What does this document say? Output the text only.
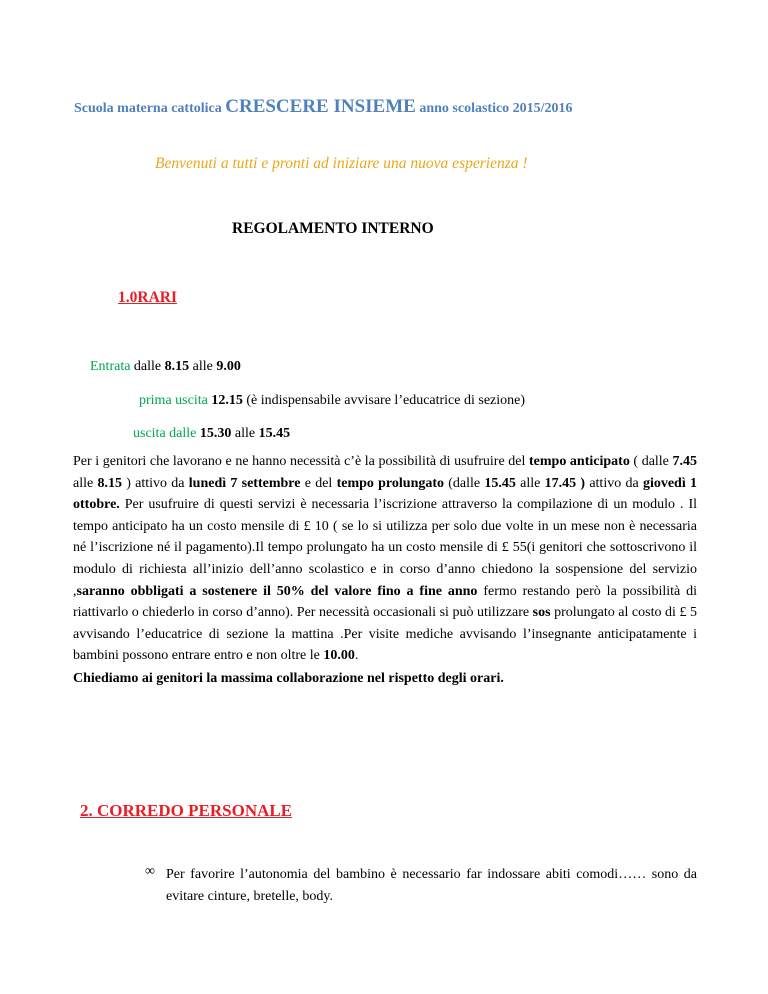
Scuola materna cattolica CRESCERE INSIEME anno scolastico 2015/2016
Benvenuti a tutti e pronti ad iniziare una nuova esperienza !
REGOLAMENTO INTERNO
1.0RARI
Entrata dalle 8.15 alle 9.00
prima uscita 12.15 (è indispensabile avvisare l’educatrice di sezione)
uscita dalle 15.30 alle 15.45
Per i genitori che lavorano e ne hanno necessità c’è la possibilità di usufruire del tempo anticipato ( dalle 7.45 alle 8.15 ) attivo da lunedì 7 settembre e del tempo prolungato (dalle 15.45 alle 17.45 ) attivo da giovedì 1 ottobre. Per usufruire di questi servizi è necessaria l’iscrizione attraverso la compilazione di un modulo . Il tempo anticipato ha un costo mensile di £ 10 ( se lo si utilizza per solo due volte in un mese non è necessaria né l’iscrizione né il pagamento).Il tempo prolungato ha un costo mensile di £ 55(i genitori che sottoscrivono il modulo di richiesta all’inizio dell’anno scolastico e in corso d’anno chiedono la sospensione del servizio ,saranno obbligati a sostenere il 50% del valore fino a fine anno fermo restando però la possibilità di riattivarlo o chiederlo in corso d’anno). Per necessità occasionali si può utilizzare sos prolungato al costo di £ 5 avvisando l’educatrice di sezione la mattina .Per visite mediche avvisando l’insegnante anticipatamente i bambini possono entrare entro e non oltre le 10.00.
Chiediamo ai genitori la massima collaborazione nel rispetto degli orari.
2. CORREDO PERSONALE
∞ Per favorire l’autonomia del bambino è necessario far indossare abiti comodi…… sono da evitare cinture, bretelle, body.
